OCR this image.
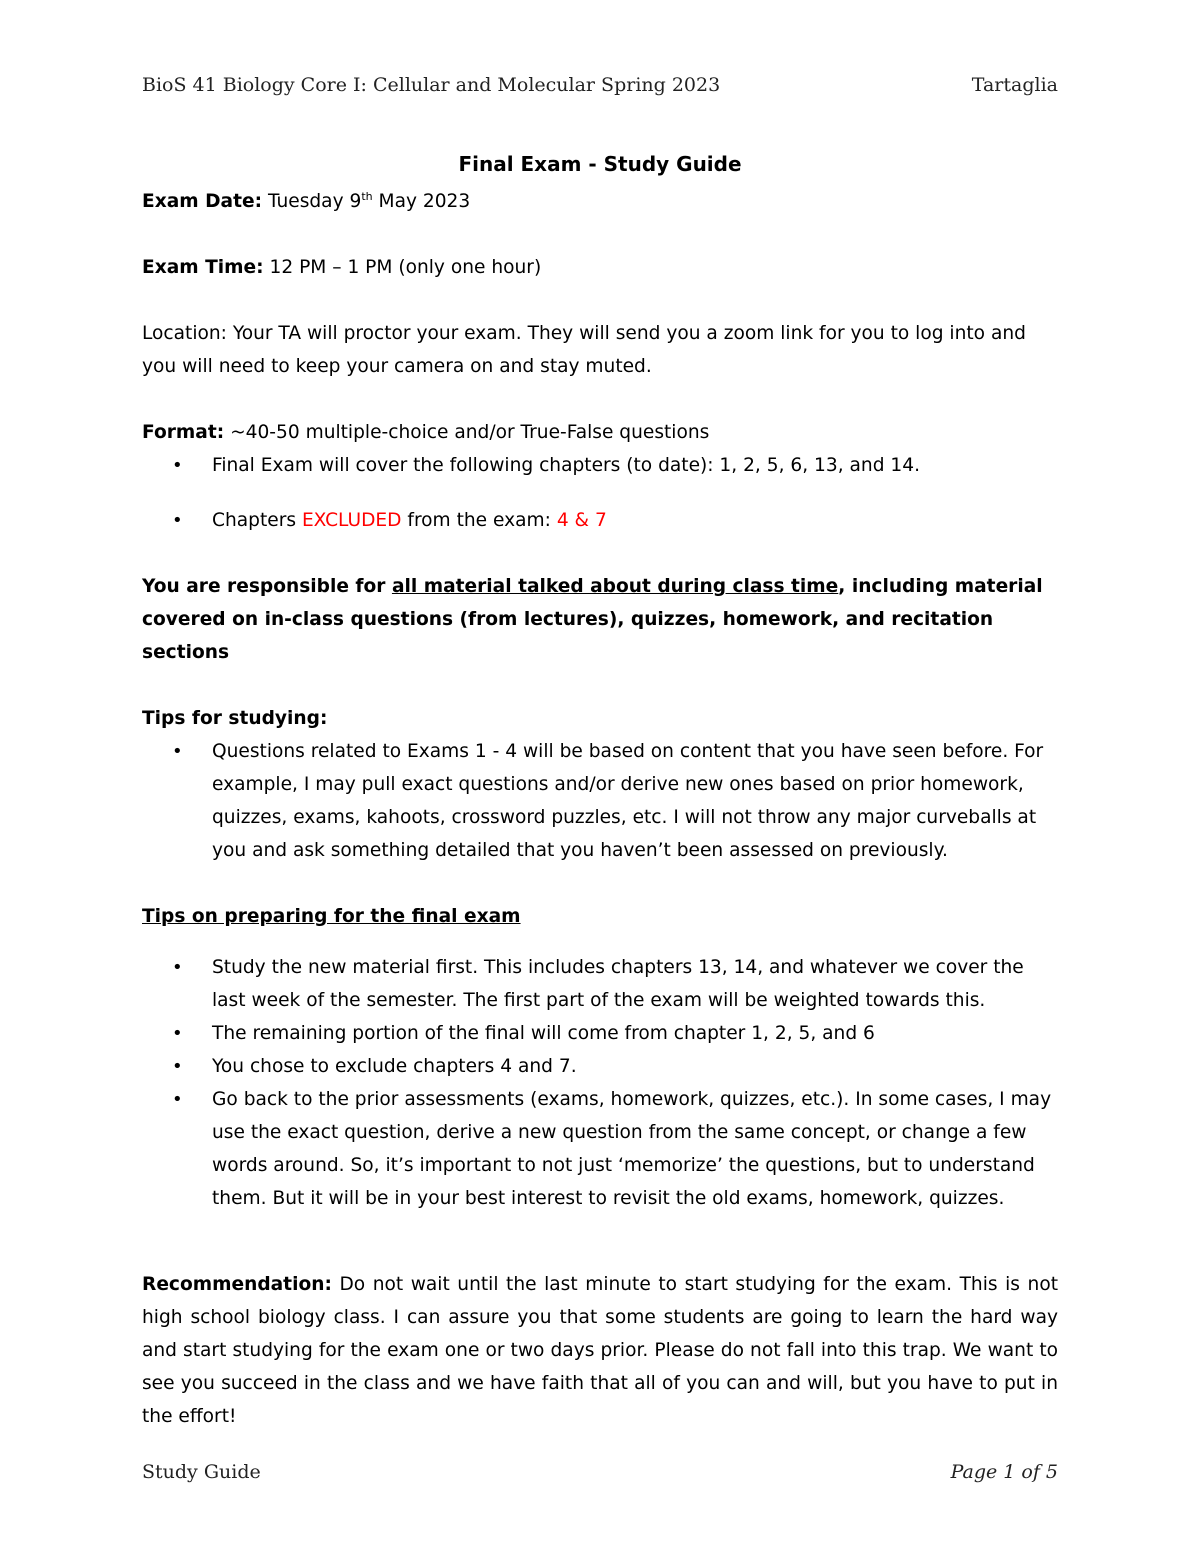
BioS 41 Biology Core I: Cellular and Molecular Spring 2023	Tartaglia

Final Exam - Study Guide

Exam Date: Tuesday 9th May 2023

Exam Time: 12 PM – 1 PM (only one hour)

Location: Your TA will proctor your exam. They will send you a zoom link for you to log into and you will need to keep your camera on and stay muted.

Format: ~40-50 multiple-choice and/or True-False questions

• Final Exam will cover the following chapters (to date): 1, 2, 5, 6, 13, and 14.
• Chapters EXCLUDED from the exam: 4 & 7

You are responsible for all material talked about during class time, including material covered on in-class questions (from lectures), quizzes, homework, and recitation sections

Tips for studying:

• Questions related to Exams 1 - 4 will be based on content that you have seen before. For example, I may pull exact questions and/or derive new ones based on prior homework, quizzes, exams, kahoots, crossword puzzles, etc. I will not throw any major curveballs at you and ask something detailed that you haven’t been assessed on previously.

Tips on preparing for the final exam

• Study the new material first. This includes chapters 13, 14, and whatever we cover the last week of the semester. The first part of the exam will be weighted towards this.
• The remaining portion of the final will come from chapter 1, 2, 5, and 6
• You chose to exclude chapters 4 and 7.
• Go back to the prior assessments (exams, homework, quizzes, etc.). In some cases, I may use the exact question, derive a new question from the same concept, or change a few words around. So, it’s important to not just ‘memorize’ the questions, but to understand them. But it will be in your best interest to revisit the old exams, homework, quizzes.

Recommendation: Do not wait until the last minute to start studying for the exam. This is not high school biology class. I can assure you that some students are going to learn the hard way and start studying for the exam one or two days prior. Please do not fall into this trap. We want to see you succeed in the class and we have faith that all of you can and will, but you have to put in the effort!

Study Guide	Page 1 of 5
